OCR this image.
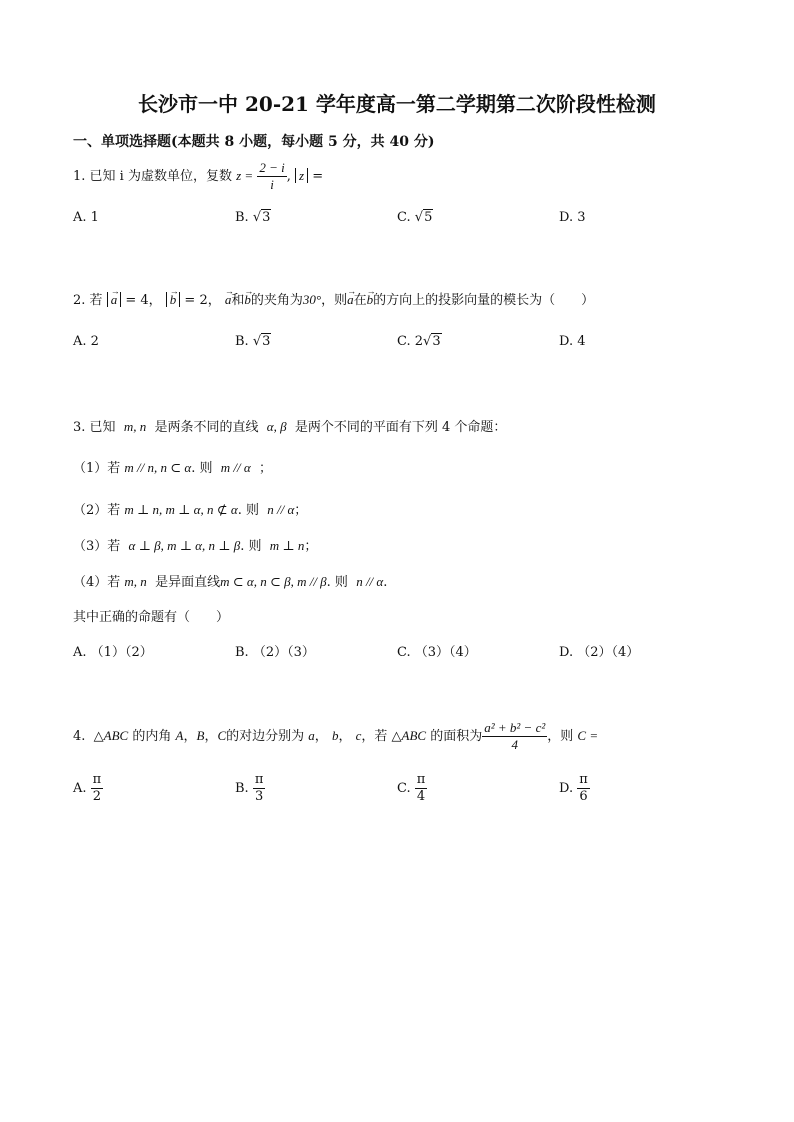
长沙市一中 20-21 学年度高一第二学期第二次阶段性检测
一、单项选择题(本题共 8 小题，每小题 5 分，共 40 分)
1. 已知 i 为虚数单位，复数 $z = \frac{2 - i}{i}$ , z =
A. 1	B. √3	C. √5	D. 3
2. 若 → a = 4， → b = 2， → a和→ b的夹角为30°，则→ a在→ b的方向上的投影向量的模长为（　　）
A. 2	B. √3	C. 2√3	D. 4
3. 已知 m, n 是两条不同的直线 α, β 是两个不同的平面有下列 4 个命题：
（1）若 m // n, n ⊂ α. 则 m // α ；
（2）若 m ⊥ n, m ⊥ α, n ⊄ α. 则 n // α；
（3）若 α ⊥ β, m ⊥ α, n ⊥ β. 则 m ⊥ n；
（4）若 m, n 是异面直线m ⊂ α, n ⊂ β, m // β. 则 n // α.
其中正确的命题有（　　）
A. （1）（2）	B. （2）（3）	C. （3）（4）	D. （2）（4）
4. △ABC 的内角 A，B，C的对边分别为 a， b， c，若 △ABC 的面积为 $\frac{\text{a² + b² − c²}}{4}$ ，则 C =
A. $\frac{\pi}{2}$	B. $\frac{\pi}{3}$	C. $\frac{\pi}{4}$	D. $\frac{\pi}{6}$
